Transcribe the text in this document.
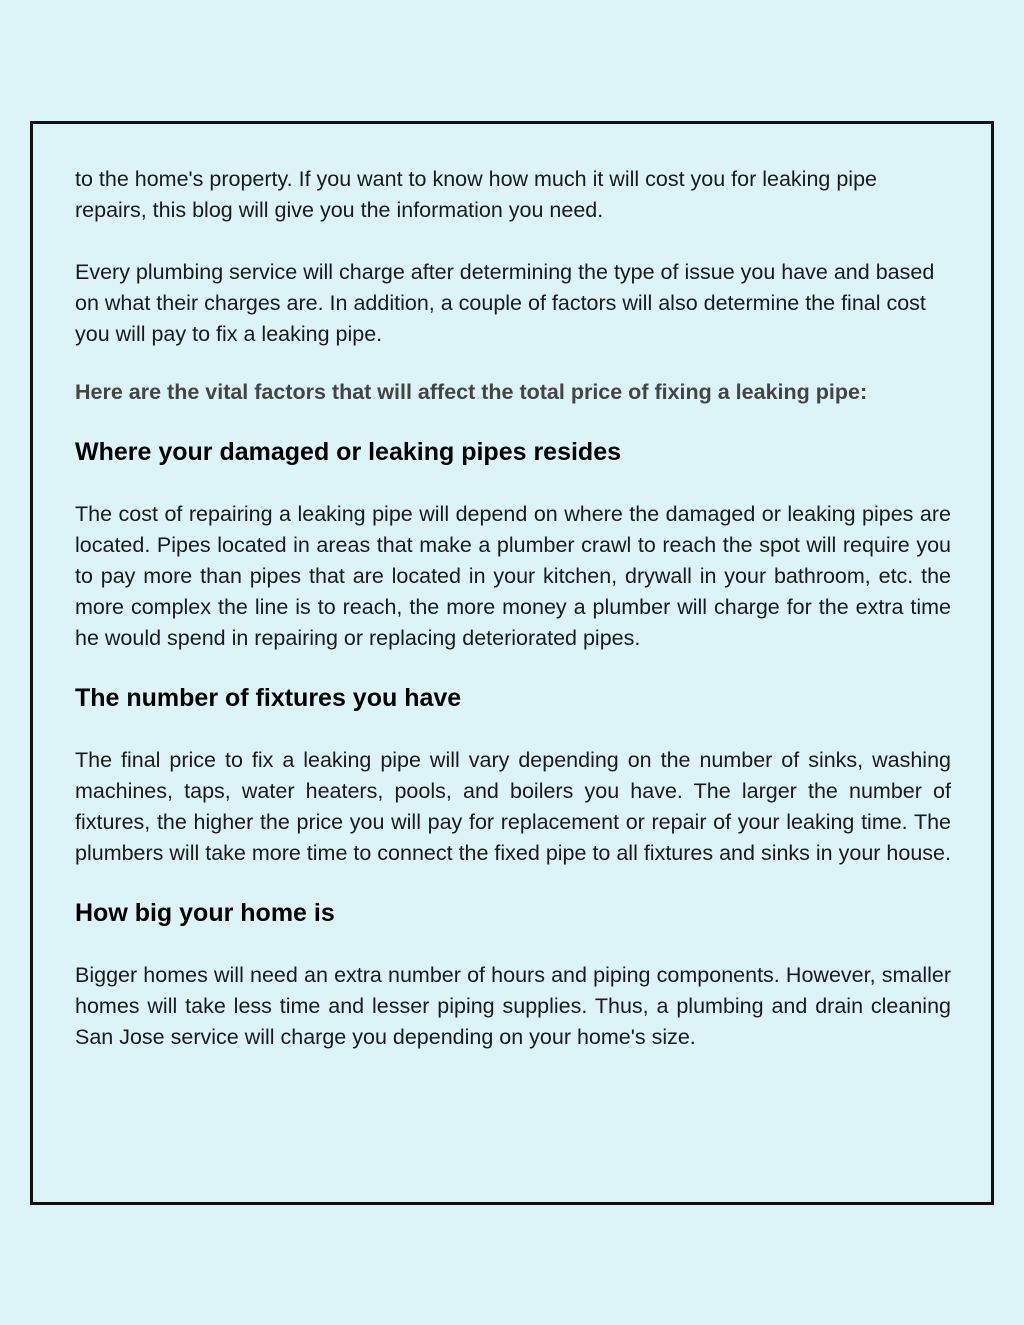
to the home's property. If you want to know how much it will cost you for leaking pipe repairs, this blog will give you the information you need.

Every plumbing service will charge after determining the type of issue you have and based on what their charges are. In addition, a couple of factors will also determine the final cost you will pay to fix a leaking pipe.

Here are the vital factors that will affect the total price of fixing a leaking pipe:

Where your damaged or leaking pipes resides

The cost of repairing a leaking pipe will depend on where the damaged or leaking pipes are located. Pipes located in areas that make a plumber crawl to reach the spot will require you to pay more than pipes that are located in your kitchen, drywall in your bathroom, etc. the more complex the line is to reach, the more money a plumber will charge for the extra time he would spend in repairing or replacing deteriorated pipes.

The number of fixtures you have

The final price to fix a leaking pipe will vary depending on the number of sinks, washing machines, taps, water heaters, pools, and boilers you have. The larger the number of fixtures, the higher the price you will pay for replacement or repair of your leaking time. The plumbers will take more time to connect the fixed pipe to all fixtures and sinks in your house.

How big your home is

Bigger homes will need an extra number of hours and piping components. However, smaller homes will take less time and lesser piping supplies. Thus, a plumbing and drain cleaning San Jose service will charge you depending on your home's size.
